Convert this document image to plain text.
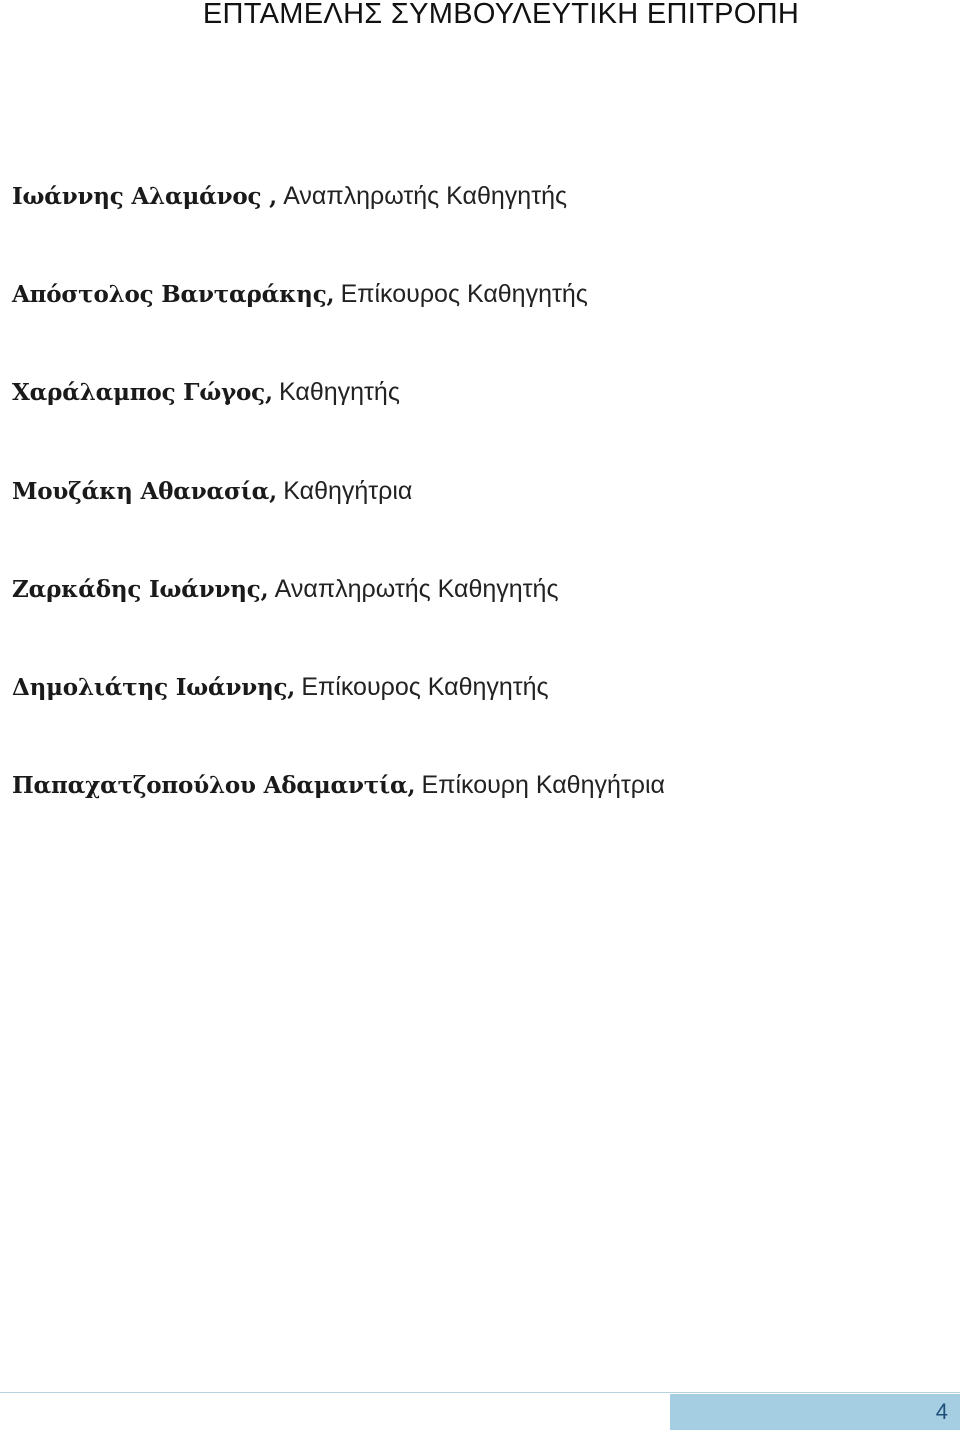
ΕΠΤΑΜΕΛΗΣ ΣΥΜΒΟΥΛΕΥΤΙΚΗ ΕΠΙΤΡΟΠΗ
Ιωάννης Αλαμάνος , Αναπληρωτής Καθηγητής
Απόστολος Βανταράκης, Επίκουρος Καθηγητής
Χαράλαμπος Γώγος, Καθηγητής
Μουζάκη Αθανασία, Καθηγήτρια
Ζαρκάδης Ιωάννης, Αναπληρωτής Καθηγητής
Δημολιάτης Ιωάννης, Επίκουρος Καθηγητής
Παπαχατζοπούλου Αδαμαντία, Επίκουρη Καθηγήτρια
4
